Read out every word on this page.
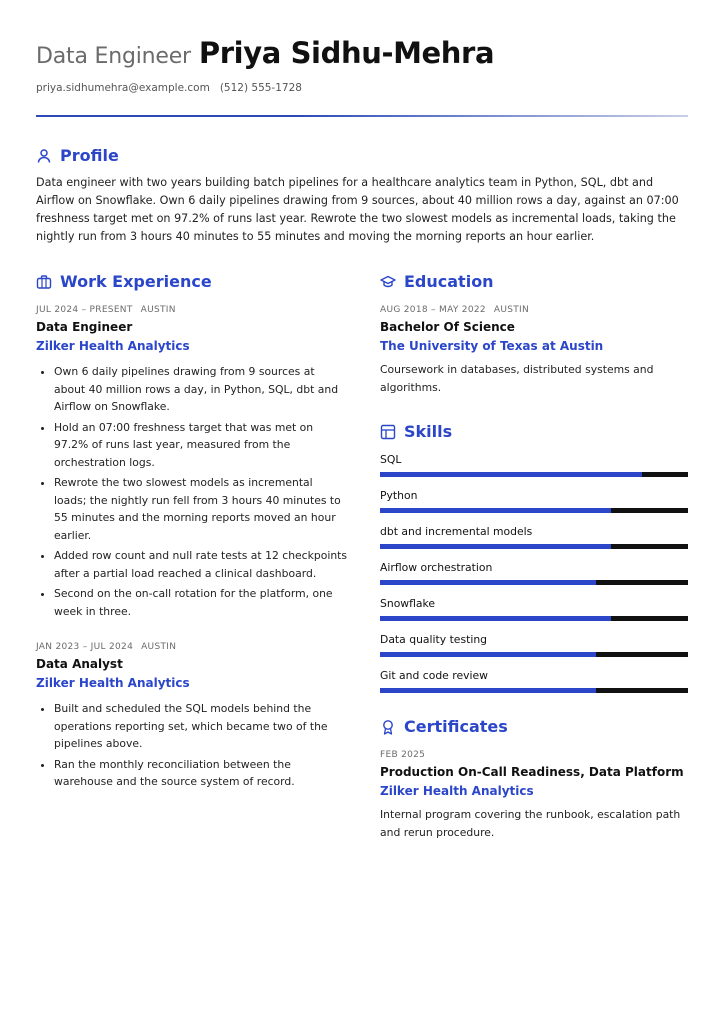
Data Engineer Priya Sidhu-Mehra
priya.sidhumehra@example.com (512) 555-1728
Profile

Data engineer with two years building batch pipelines for a healthcare analytics team in Python, SQL, dbt and Airflow on Snowflake. Own 6 daily pipelines drawing from 9 sources, about 40 million rows a day, against an 07:00 freshness target met on 97.2% of runs last year. Rewrote the two slowest models as incremental loads, taking the nightly run from 3 hours 40 minutes to 55 minutes and moving the morning reports an hour earlier.

Work Experience
JUL 2024 – PRESENT AUSTIN
Data Engineer
Zilker Health Analytics
• Own 6 daily pipelines drawing from 9 sources at about 40 million rows a day, in Python, SQL, dbt and Airflow on Snowflake.
• Hold an 07:00 freshness target that was met on 97.2% of runs last year, measured from the orchestration logs.
• Rewrote the two slowest models as incremental loads; the nightly run fell from 3 hours 40 minutes to 55 minutes and the morning reports moved an hour earlier.
• Added row count and null rate tests at 12 checkpoints after a partial load reached a clinical dashboard.
• Second on the on-call rotation for the platform, one week in three.
JAN 2023 – JUL 2024 AUSTIN
Data Analyst
Zilker Health Analytics
• Built and scheduled the SQL models behind the operations reporting set, which became two of the pipelines above.
• Ran the monthly reconciliation between the warehouse and the source system of record.
Education
AUG 2018 – MAY 2022 AUSTIN
Bachelor Of Science
The University of Texas at Austin
Coursework in databases, distributed systems and algorithms.
Skills
SQL
Python
dbt and incremental models
Airflow orchestration
Snowflake
Data quality testing
Git and code review
Certificates
FEB 2025
Production On-Call Readiness, Data Platform
Zilker Health Analytics
Internal program covering the runbook, escalation path and rerun procedure.
